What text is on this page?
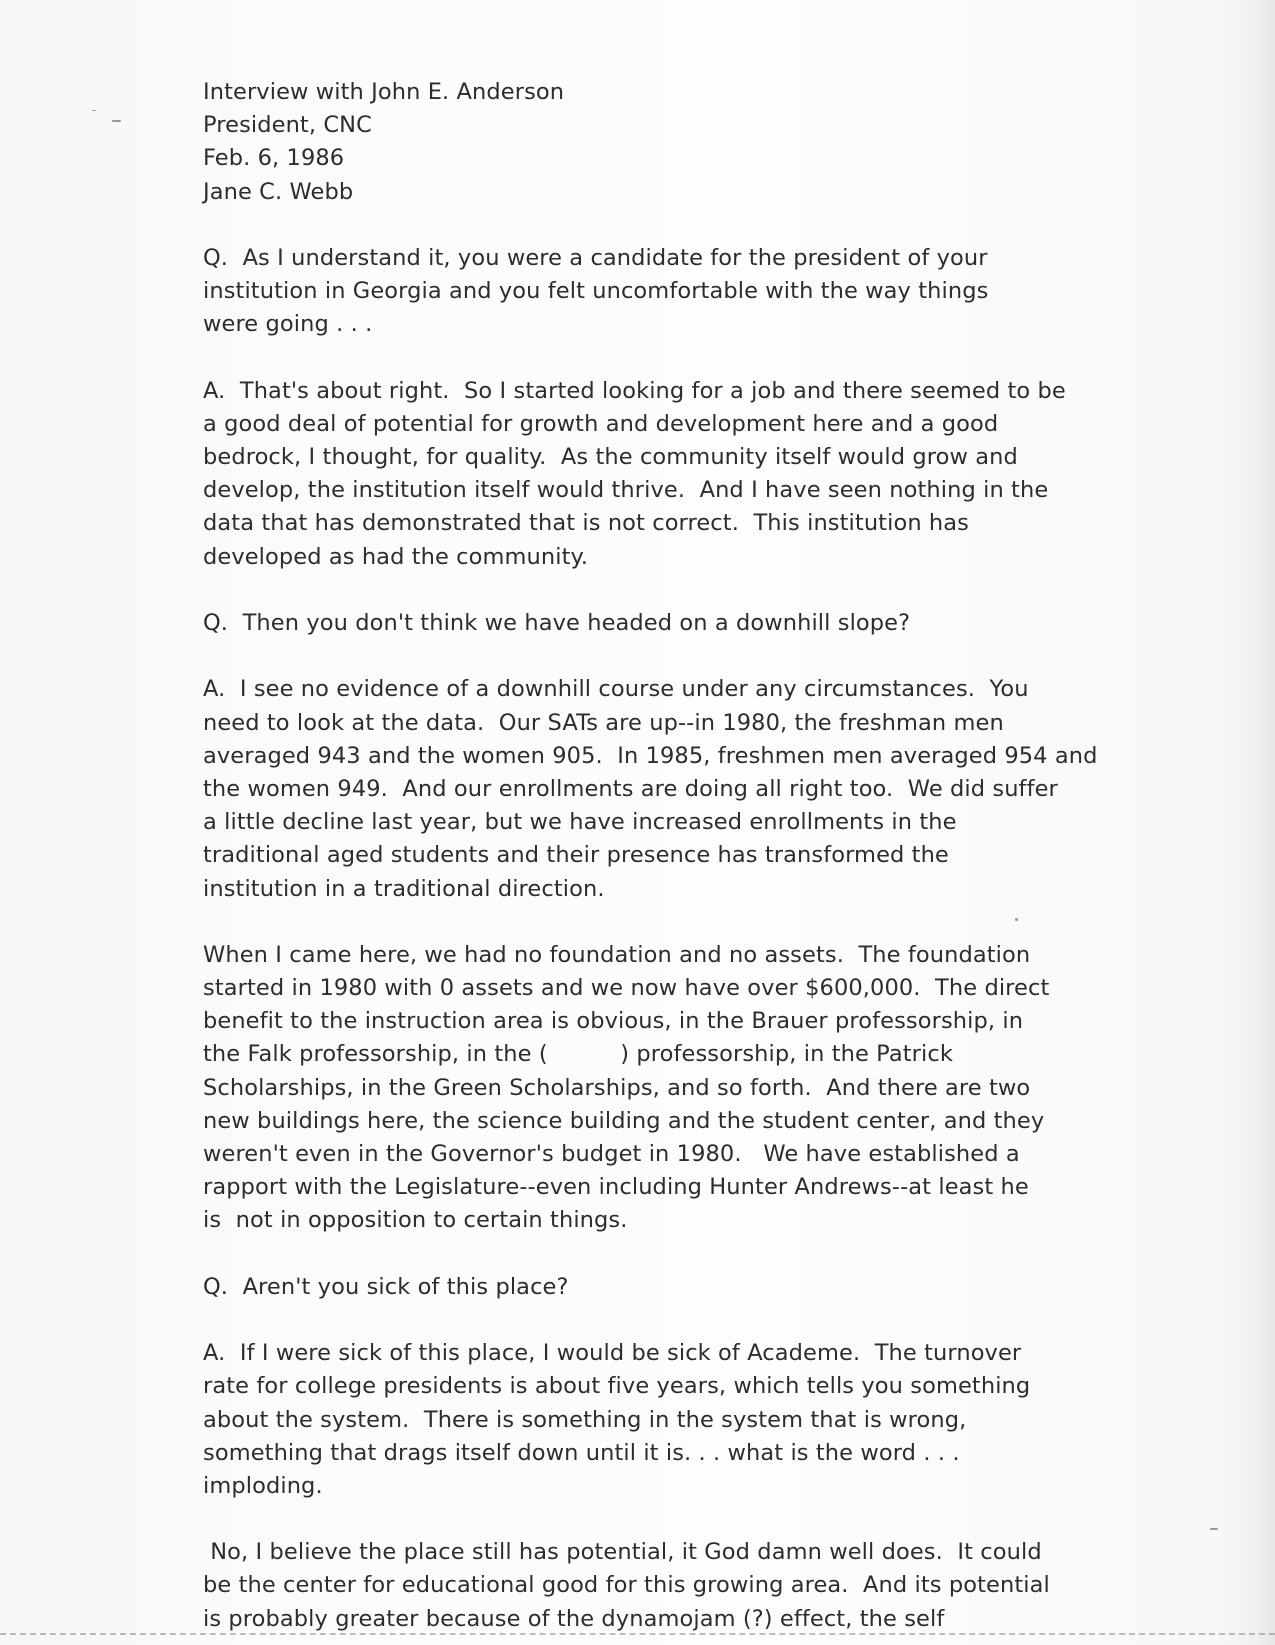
Interview with John E. Anderson
President, CNC
Feb. 6, 1986
Jane C. Webb
Q.  As I understand it, you were a candidate for the president of your
institution in Georgia and you felt uncomfortable with the way things
were going . . .
A.  That's about right.  So I started looking for a job and there seemed to be
a good deal of potential for growth and development here and a good
bedrock, I thought, for quality.  As the community itself would grow and
develop, the institution itself would thrive.  And I have seen nothing in the
data that has demonstrated that is not correct.  This institution has
developed as had the community.
Q.  Then you don't think we have headed on a downhill slope?
A.  I see no evidence of a downhill course under any circumstances.  You
need to look at the data.  Our SATs are up--in 1980, the freshman men
averaged 943 and the women 905.  In 1985, freshmen men averaged 954 and
the women 949.  And our enrollments are doing all right too.  We did suffer
a little decline last year, but we have increased enrollments in the
traditional aged students and their presence has transformed the
institution in a traditional direction.
When I came here, we had no foundation and no assets.  The foundation
started in 1980 with 0 assets and we now have over $600,000.  The direct
benefit to the instruction area is obvious, in the Brauer professorship, in
the Falk professorship, in the (          ) professorship, in the Patrick
Scholarships, in the Green Scholarships, and so forth.  And there are two
new buildings here, the science building and the student center, and they
weren't even in the Governor's budget in 1980.   We have established a
rapport with the Legislature--even including Hunter Andrews--at least he
is  not in opposition to certain things.
Q.  Aren't you sick of this place?
A.  If I were sick of this place, I would be sick of Academe.  The turnover
rate for college presidents is about five years, which tells you something
about the system.  There is something in the system that is wrong,
something that drags itself down until it is. . . what is the word . . .
imploding.
No, I believe the place still has potential, it God damn well does.  It could
be the center for educational good for this growing area.  And its potential
is probably greater because of the dynamojam (?) effect, the self
